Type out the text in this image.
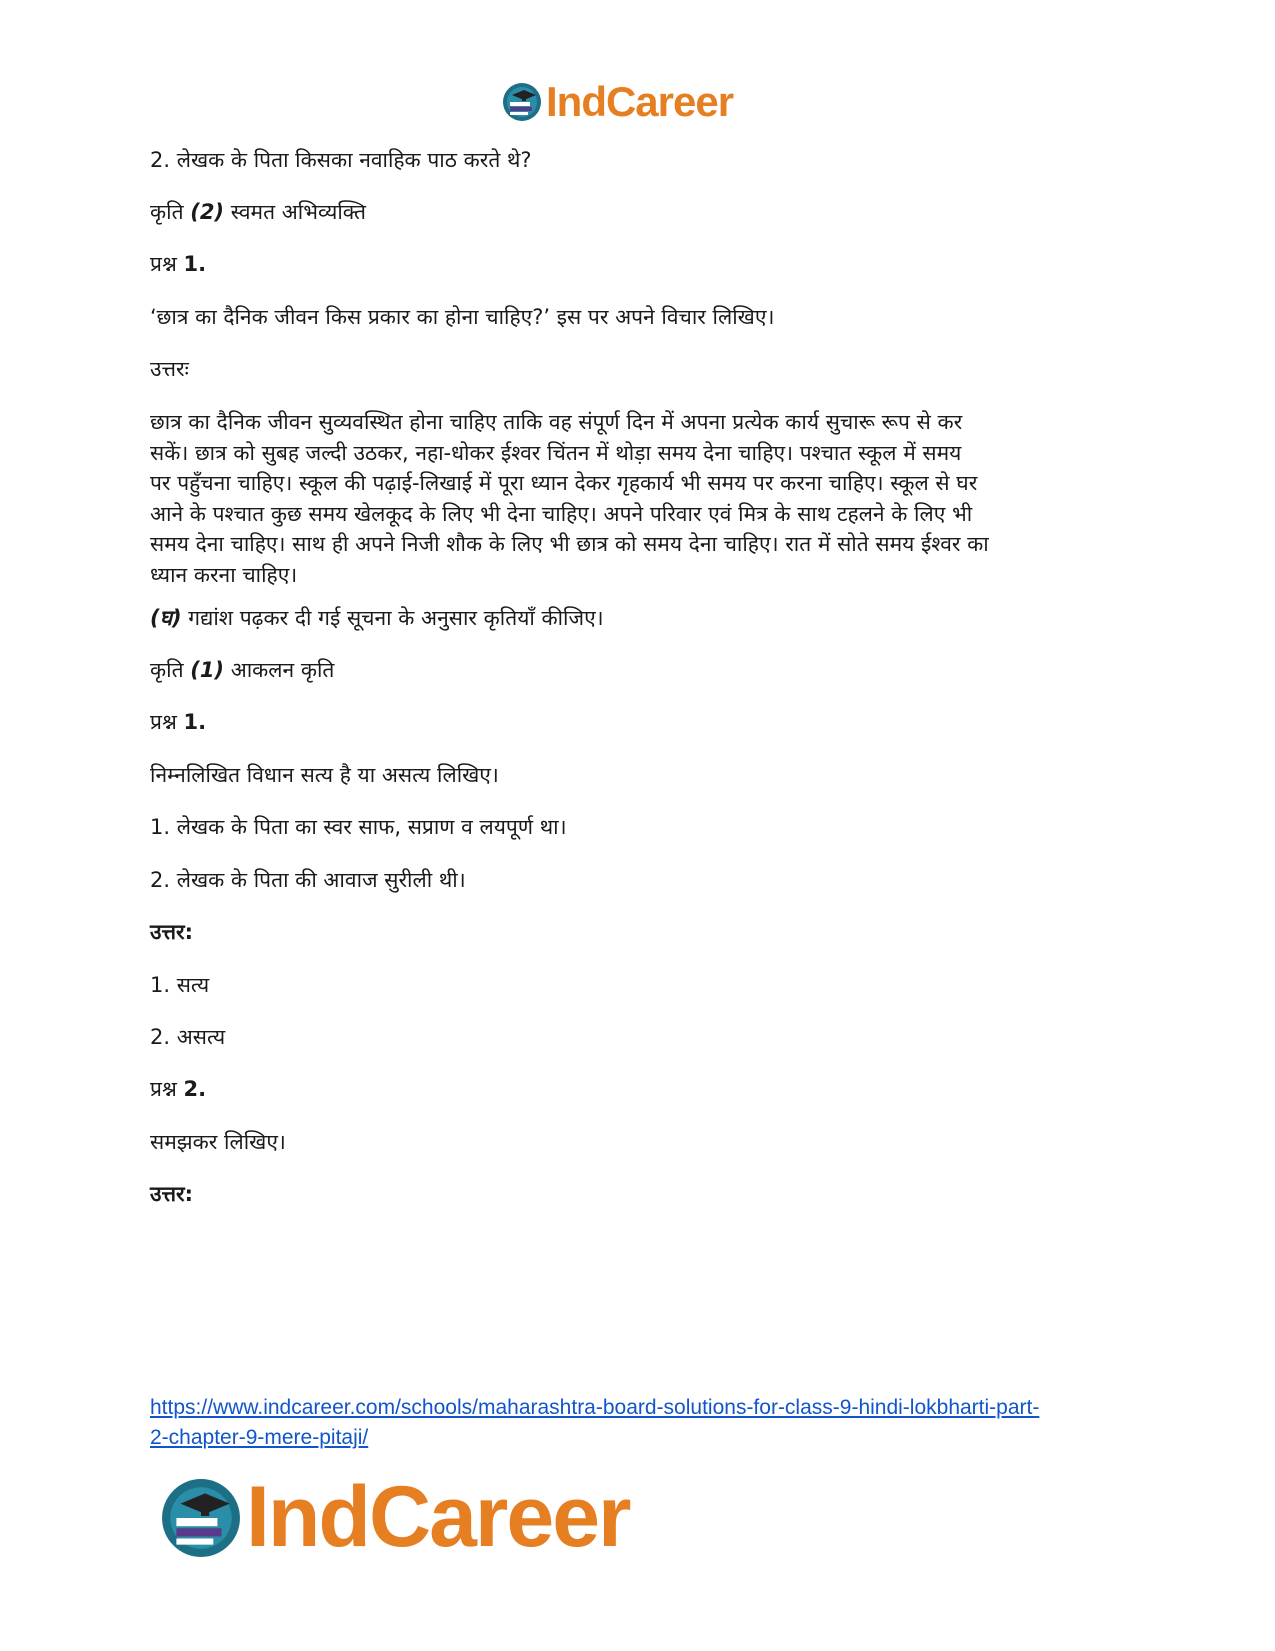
IndCareer
2. लेखक के पिता किसका नवाहिक पाठ करते थे?
कृति (2) स्वमत अभिव्यक्ति
प्रश्न 1.
‘छात्र का दैनिक जीवन किस प्रकार का होना चाहिए?’ इस पर अपने विचार लिखिए।
उत्तरः
छात्र का दैनिक जीवन सुव्यवस्थित होना चाहिए ताकि वह संपूर्ण दिन में अपना प्रत्येक कार्य सुचारू रूप से कर
सकें। छात्र को सुबह जल्दी उठकर, नहा-धोकर ईश्वर चिंतन में थोड़ा समय देना चाहिए। पश्चात स्कूल में समय
पर पहुँचना चाहिए। स्कूल की पढ़ाई-लिखाई में पूरा ध्यान देकर गृहकार्य भी समय पर करना चाहिए। स्कूल से घर
आने के पश्चात कुछ समय खेलकूद के लिए भी देना चाहिए। अपने परिवार एवं मित्र के साथ टहलने के लिए भी
समय देना चाहिए। साथ ही अपने निजी शौक के लिए भी छात्र को समय देना चाहिए। रात में सोते समय ईश्वर का
ध्यान करना चाहिए।
(घ) गद्यांश पढ़कर दी गई सूचना के अनुसार कृतियाँ कीजिए।
कृति (1) आकलन कृति
प्रश्न 1.
निम्नलिखित विधान सत्य है या असत्य लिखिए।
1. लेखक के पिता का स्वर साफ, सप्राण व लयपूर्ण था।
2. लेखक के पिता की आवाज सुरीली थी।
उत्तर:
1. सत्य
2. असत्य
प्रश्न 2.
समझकर लिखिए।
उत्तर:
https://www.indcareer.com/schools/maharashtra-board-solutions-for-class-9-hindi-lokbharti-part-
2-chapter-9-mere-pitaji/
IndCareer
